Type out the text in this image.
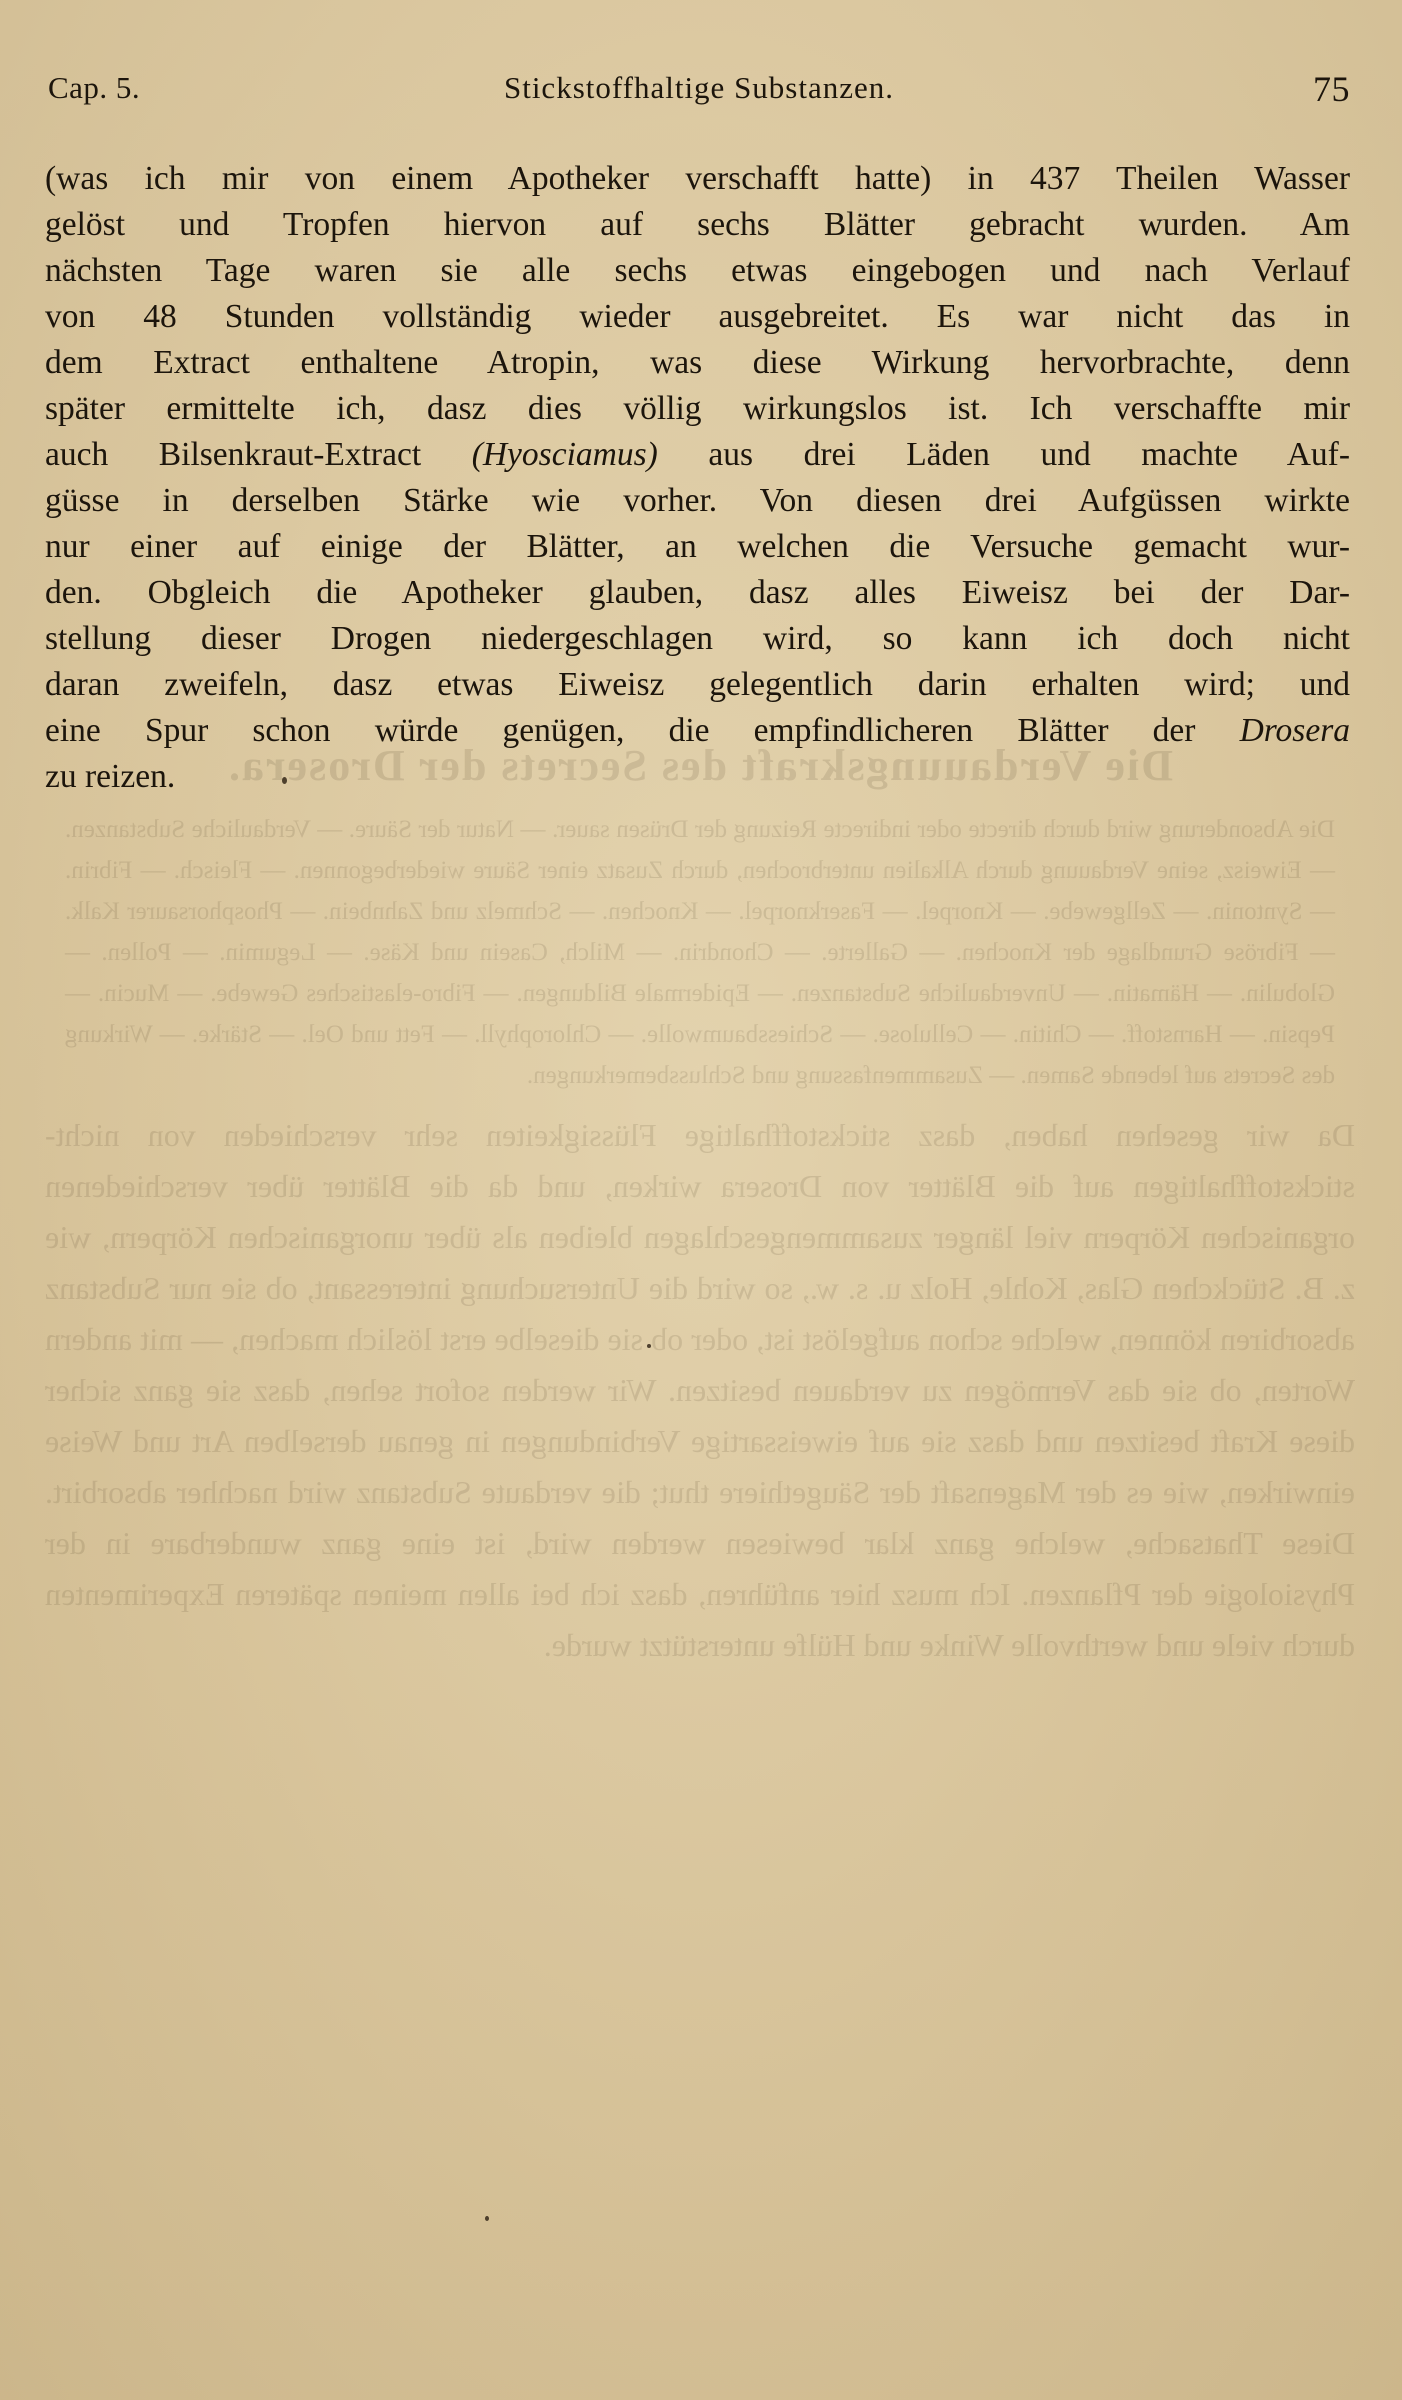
Die Verdauungskraft des Secrets der Drosera.
Die Absonderung wird durch directe oder indirecte Reizung der Drüsen sauer. — Natur der Säure. — Verdauliche Substanzen. — Eiweisz, seine Verdauung durch Alkalien unterbrochen, durch Zusatz einer Säure wiederbegonnen. — Fleisch. — Fibrin. — Syntonin. — Zellgewebe. — Knorpel. — Faserknorpel. — Knochen. — Schmelz und Zahnbein. — Phosphorsaurer Kalk. — Fibröse Grundlage der Knochen. — Gallerte. — Chondrin. — Milch, Casein und Käse. — Legumin. — Pollen. — Globulin. — Hämatin. — Unverdauliche Substanzen. — Epidermale Bildungen. — Fibro-elastisches Gewebe. — Mucin. — Pepsin. — Harnstoff. — Chitin. — Cellulose. — Schiessbaumwolle. — Chlorophyll. — Fett und Oel. — Stärke. — Wirkung des Secrets auf lebende Samen. — Zusammenfassung und Schlussbemerkungen.
Da wir gesehen haben, dasz stickstoffhaltige Flüssigkeiten sehr verschieden von nicht-stickstoffhaltigen auf die Blätter von Drosera wirken, und da die Blätter über verschiedenen organischen Körpern viel länger zusammengeschlagen bleiben als über unorganischen Körpern, wie z. B. Stückchen Glas, Kohle, Holz u. s. w., so wird die Untersuchung interessant, ob sie nur Substanz absorbiren können, welche schon aufgelöst ist, oder ob sie dieselbe erst löslich machen, — mit andern Worten, ob sie das Vermögen zu verdauen besitzen. Wir werden sofort sehen, dasz sie ganz sicher diese Kraft besitzen und dasz sie auf eiweissartige Verbindungen in genau derselben Art und Weise einwirken, wie es der Magensaft der Säugethiere thut; die verdaute Substanz wird nachher absorbirt. Diese Thatsache, welche ganz klar bewiesen werden wird, ist eine ganz wunderbare in der Physiologie der Pflanzen. Ich musz hier anführen, dasz ich bei allen meinen späteren Experimenten durch viele und werthvolle Winke und Hülfe unterstützt wurde.
Cap. 5.	Stickstoffhaltige Substanzen.	75
(was ich mir von einem Apotheker verschafft hatte) in 437 Theilen Wasser
gelöst und Tropfen hiervon auf sechs Blätter gebracht wurden. Am
nächsten Tage waren sie alle sechs etwas eingebogen und nach Verlauf
von 48 Stunden vollständig wieder ausgebreitet. Es war nicht das in
dem Extract enthaltene Atropin, was diese Wirkung hervorbrachte, denn
später ermittelte ich, dasz dies völlig wirkungslos ist. Ich verschaffte mir
auch Bilsenkraut-Extract (Hyosciamus) aus drei Läden und machte Auf-
güsse in derselben Stärke wie vorher. Von diesen drei Aufgüssen wirkte
nur einer auf einige der Blätter, an welchen die Versuche gemacht wur-
den. Obgleich die Apotheker glauben, dasz alles Eiweisz bei der Dar-
stellung dieser Drogen niedergeschlagen wird, so kann ich doch nicht
daran zweifeln, dasz etwas Eiweisz gelegentlich darin erhalten wird; und
eine Spur schon würde genügen, die empfindlicheren Blätter der Drosera
zu reizen.
